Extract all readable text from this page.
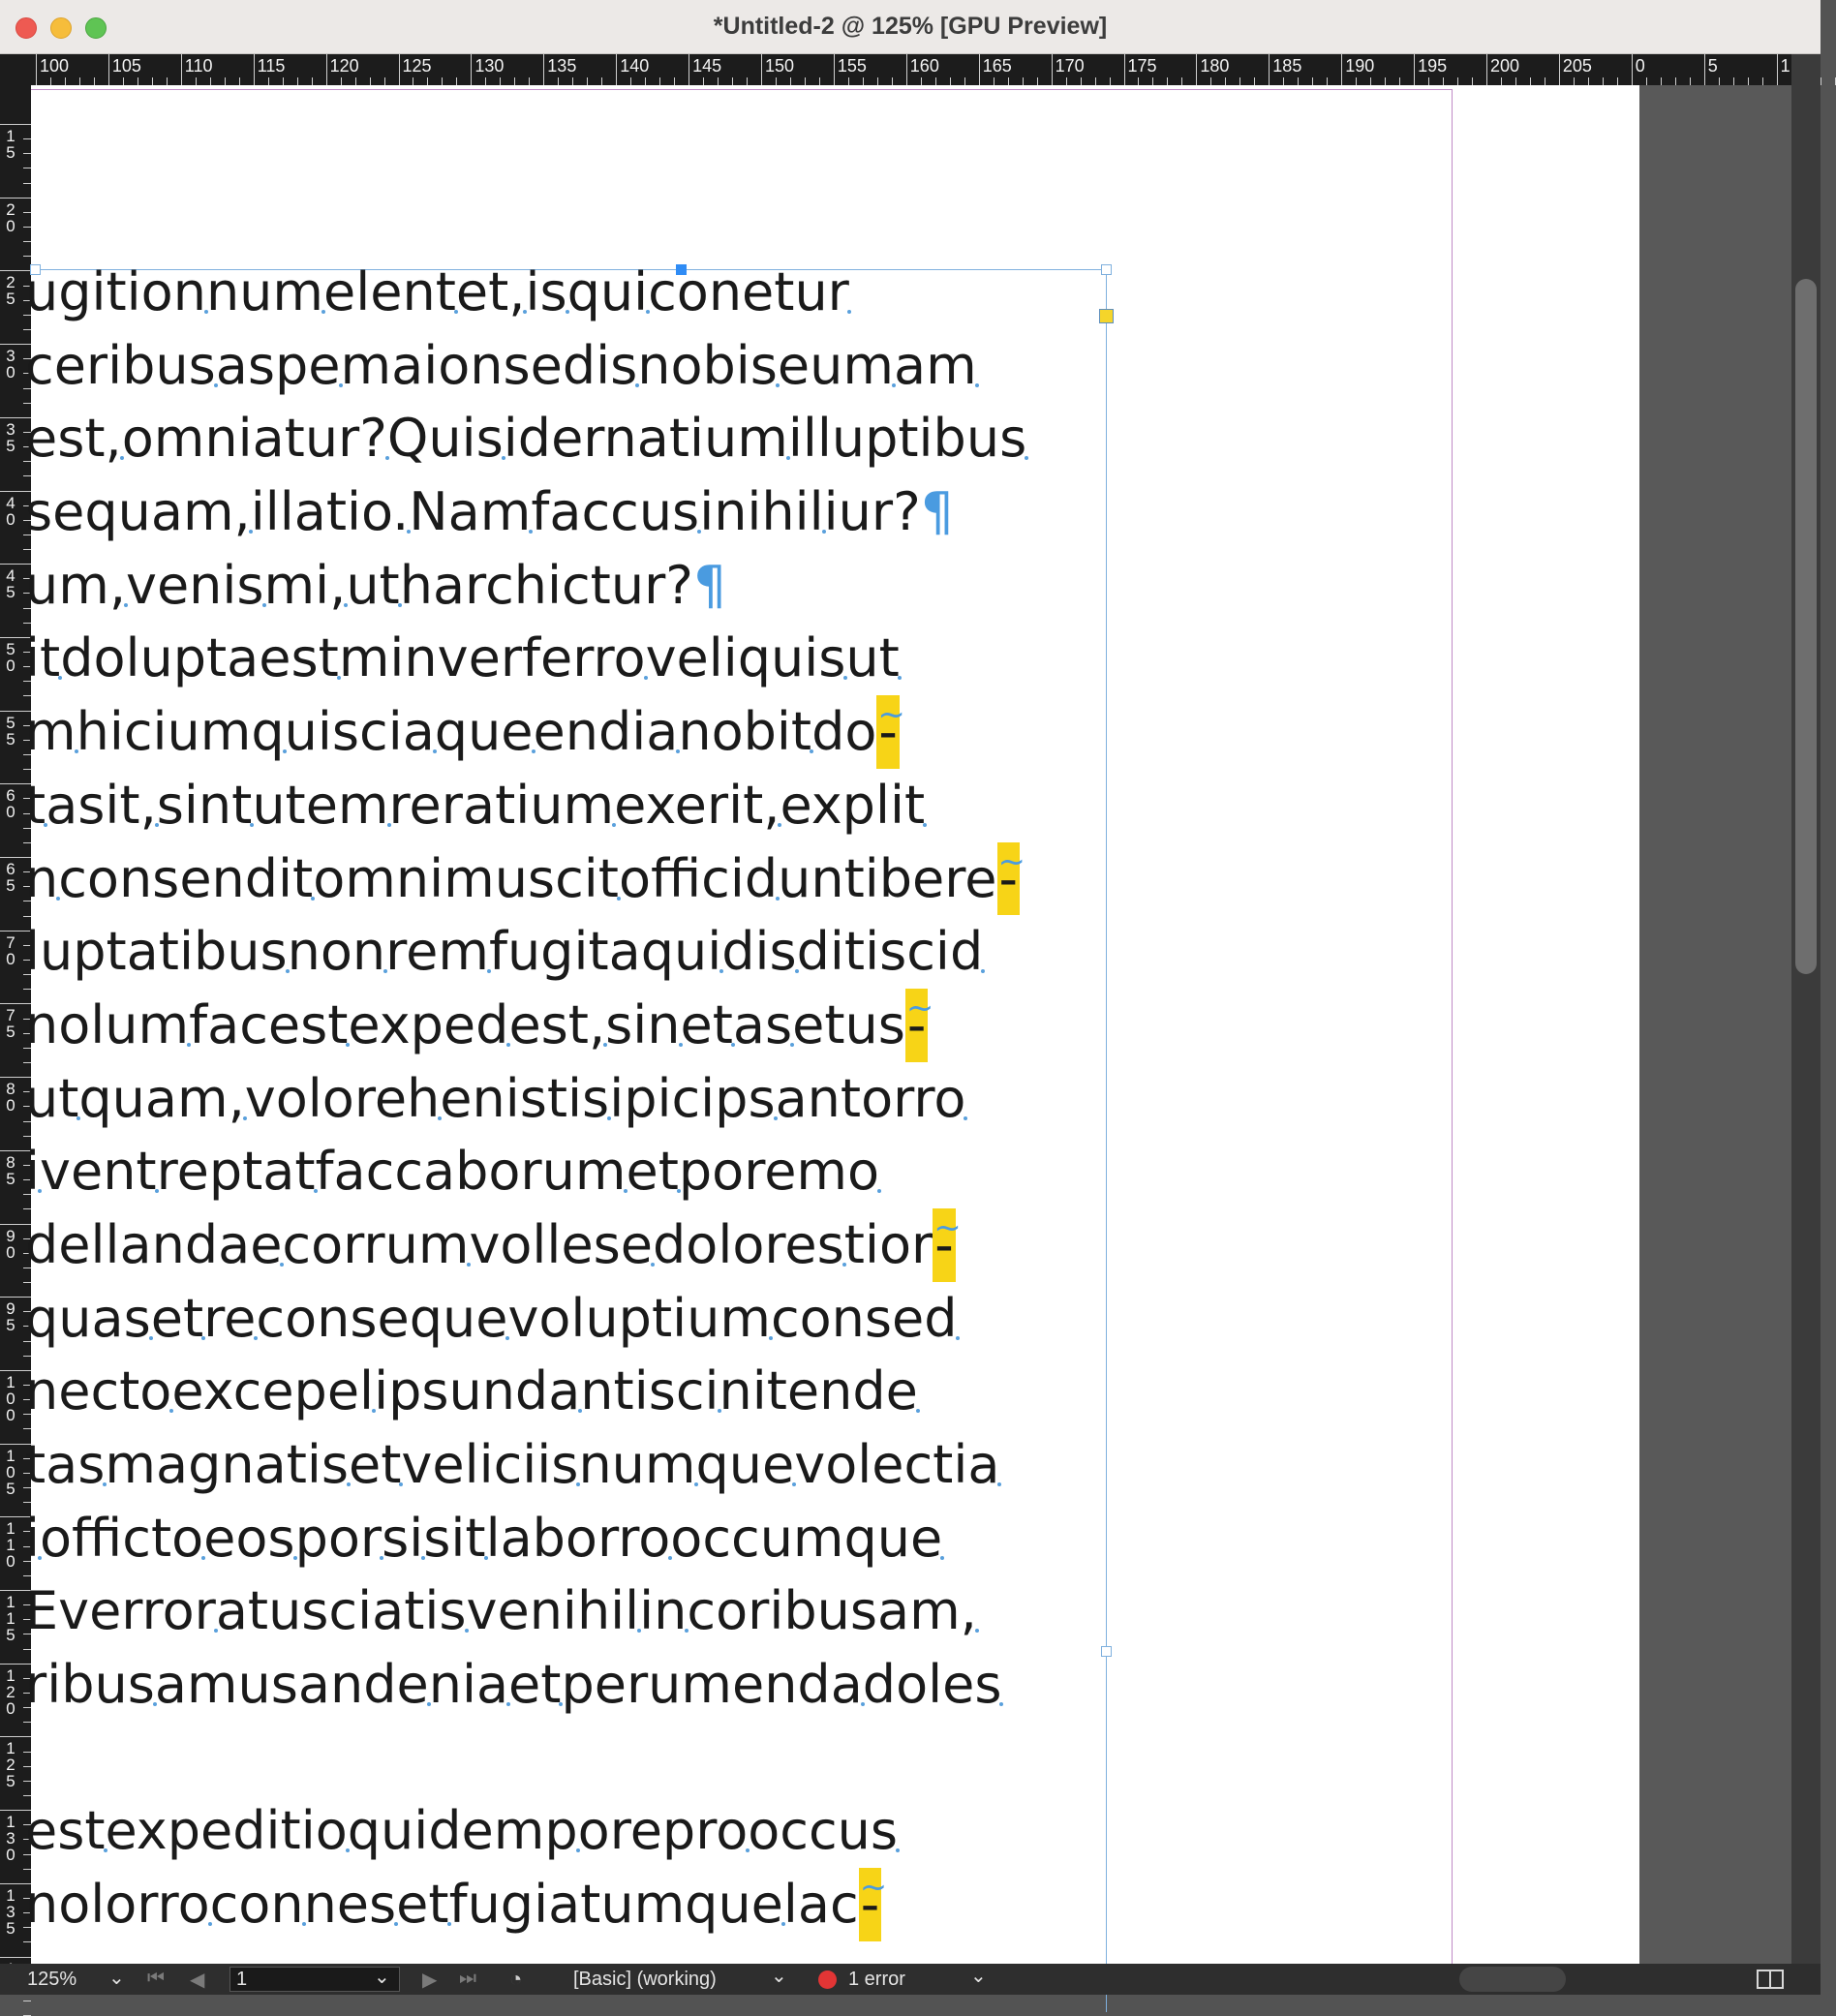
*Untitled-2 @ 125% [GPU Preview]
100 105 110	115	120 125 130 135 140 145 150 155 160 165 170 175 180 185 190 195 200 205 0	5	1
1
5
2
0
2
5
3
0
3
5
4
0
4
5
5
0
5
5
6
0
6
5
7
0
7
5
8
0
8
5
9
0
9
5
1
0
0
1
0
5
1
1
0
1
1
5
1
2
0
1
2
5
1
3
0
1
3
5

ugitionnumelentet,isquiconetur
ceribusaspemaionsedisnobiseumam
est,omniatur?Quisidernatiumilluptibus
sequam,illatio.Namfaccusinihiliur?¶
um,venismi,utharchictur?¶
itdoluptaestminverferroveliquisut
mhiciumquisciaqueendianobitdo~ -
tasit,sintutemreratiumexerit,explit
nconsenditomnimuscitofficiduntibere~ -
luptatibusnonremfugitaquidisditiscid
nolumfacestexpedest,sinetasetus~ -
utquam,volorehenistisipicipsantorro
iventreptatfaccaborumetporemo
dellandaecorrumvollesedolorestior~ -
quasetreconsequevoluptiumconsed
nectoexcepelipsundantiscinitende
tasmagnatisetveliciisnumquevolectia
ioffictoeosporsisitlaborrooccumque
Everroratusciatisvenihilincoribusam,
ribusamusandeniaetperumendadoles
estexpeditioquidemporeprooccus
nolorroconnesetfugiatumquelac~ -
125% ⌄ ⏮ ◀ 1	⌄ ▶ ⏭ ◔	[Basic] (working)	⌄	1 error	⌄
